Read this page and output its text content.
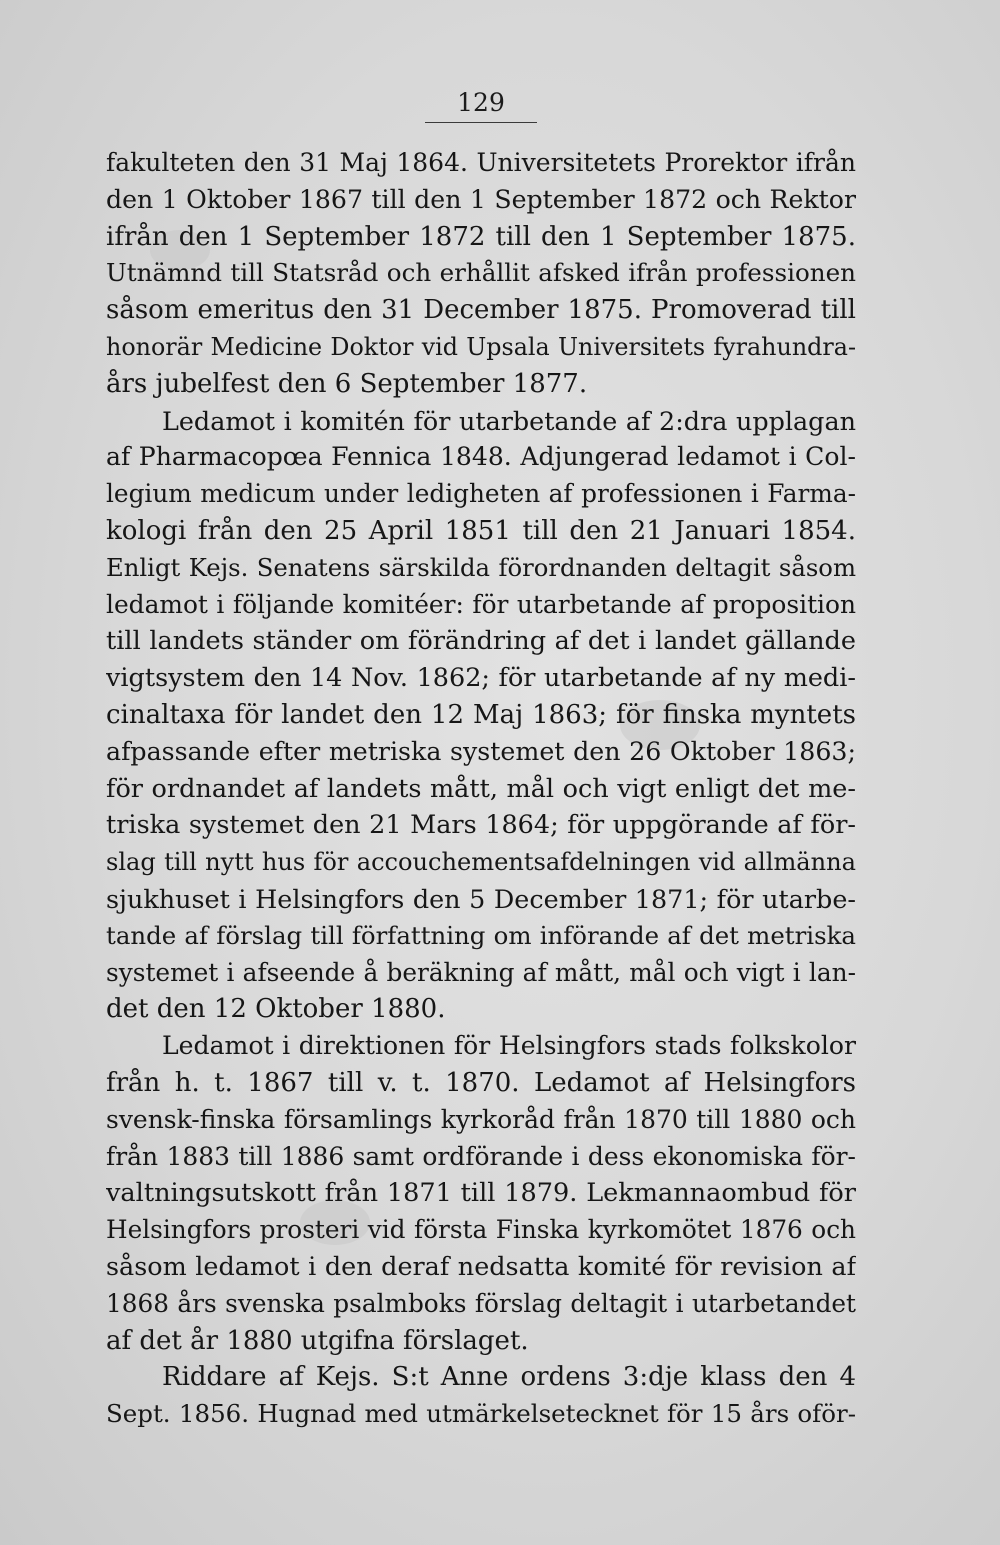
129
fakulteten den 31 Maj 1864. Universitetets Prorektor ifrån
den 1 Oktober 1867 till den 1 September 1872 och Rektor
ifrån den 1 September 1872 till den 1 September 1875.
Utnämnd till Statsråd och erhållit afsked ifrån professionen
såsom emeritus den 31 December 1875. Promoverad till
honorär Medicine Doktor vid Upsala Universitets fyrahundra-
års jubelfest den 6 September 1877.
Ledamot i komitén för utarbetande af 2:dra upplagan
af Pharmacopœa Fennica 1848. Adjungerad ledamot i Col-
legium medicum under ledigheten af professionen i Farma-
kologi från den 25 April 1851 till den 21 Januari 1854.
Enligt Kejs. Senatens särskilda förordnanden deltagit såsom
ledamot i följande komitéer: för utarbetande af proposition
till landets ständer om förändring af det i landet gällande
vigtsystem den 14 Nov. 1862; för utarbetande af ny medi-
cinaltaxa för landet den 12 Maj 1863; för finska myntets
afpassande efter metriska systemet den 26 Oktober 1863;
för ordnandet af landets mått, mål och vigt enligt det me-
triska systemet den 21 Mars 1864; för uppgörande af för-
slag till nytt hus för accouchementsafdelningen vid allmänna
sjukhuset i Helsingfors den 5 December 1871; för utarbe-
tande af förslag till författning om införande af det metriska
systemet i afseende å beräkning af mått, mål och vigt i lan-
det den 12 Oktober 1880.
Ledamot i direktionen för Helsingfors stads folkskolor
från h. t. 1867 till v. t. 1870. Ledamot af Helsingfors
svensk-finska församlings kyrkoråd från 1870 till 1880 och
från 1883 till 1886 samt ordförande i dess ekonomiska för-
valtningsutskott från 1871 till 1879. Lekmannaombud för
Helsingfors prosteri vid första Finska kyrkomötet 1876 och
såsom ledamot i den deraf nedsatta komité för revision af
1868 års svenska psalmboks förslag deltagit i utarbetandet
af det år 1880 utgifna förslaget.
Riddare af Kejs. S:t Anne ordens 3:dje klass den 4
Sept. 1856. Hugnad med utmärkelsetecknet för 15 års oför-
